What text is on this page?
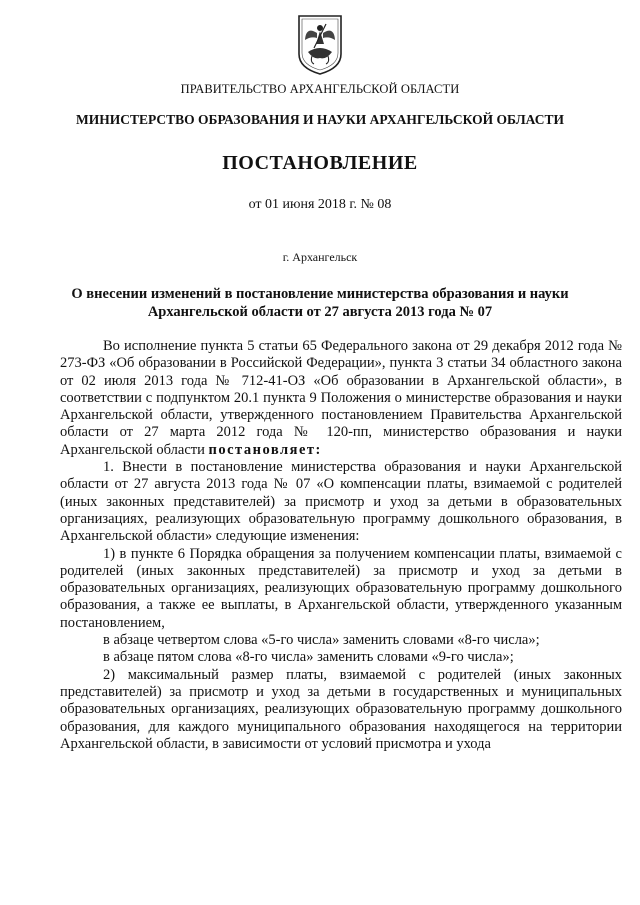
ПРАВИТЕЛЬСТВО АРХАНГЕЛЬСКОЙ ОБЛАСТИ
МИНИСТЕРСТВО ОБРАЗОВАНИЯ И НАУКИ АРХАНГЕЛЬСКОЙ ОБЛАСТИ
ПОСТАНОВЛЕНИЕ
от 01 июня 2018 г. № 08
г. Архангельск
О внесении изменений в постановление министерства образования и науки
Архангельской области от 27 августа 2013 года № 07

Во исполнение пункта 5 статьи 65 Федерального закона от 29 декабря 2012 года № 273-ФЗ «Об образовании в Российской Федерации», пункта 3 статьи 34 областного закона от 02 июля 2013 года № 712-41-ОЗ «Об образовании в Архангельской области», в соответствии с подпунктом 20.1 пункта 9 Положения о министерстве образования и науки Архангельской области, утвержденного постановлением Правительства Архангельской области от 27 марта 2012 года № 120-пп, министерство образования и науки Архангельской области постановляет:

1. Внести в постановление министерства образования и науки Архангельской области от 27 августа 2013 года № 07 «О компенсации платы, взимаемой с родителей (иных законных представителей) за присмотр и уход за детьми в образовательных организациях, реализующих образовательную программу дошкольного образования, в Архангельской области» следующие изменения:

1) в пункте 6 Порядка обращения за получением компенсации платы, взимаемой с родителей (иных законных представителей) за присмотр и уход за детьми в образовательных организациях, реализующих образовательную программу дошкольного образования, а также ее выплаты, в Архангельской области, утвержденного указанным постановлением,

в абзаце четвертом слова «5-го числа» заменить словами «8-го числа»;

в абзаце пятом слова «8-го числа» заменить словами «9-го числа»;

2) максимальный размер платы, взимаемой с родителей (иных законных представителей) за присмотр и уход за детьми в государственных и муниципальных образовательных организациях, реализующих образовательную программу дошкольного образования, для каждого муниципального образования находящегося на территории Архангельской области, в зависимости от условий присмотра и ухода
